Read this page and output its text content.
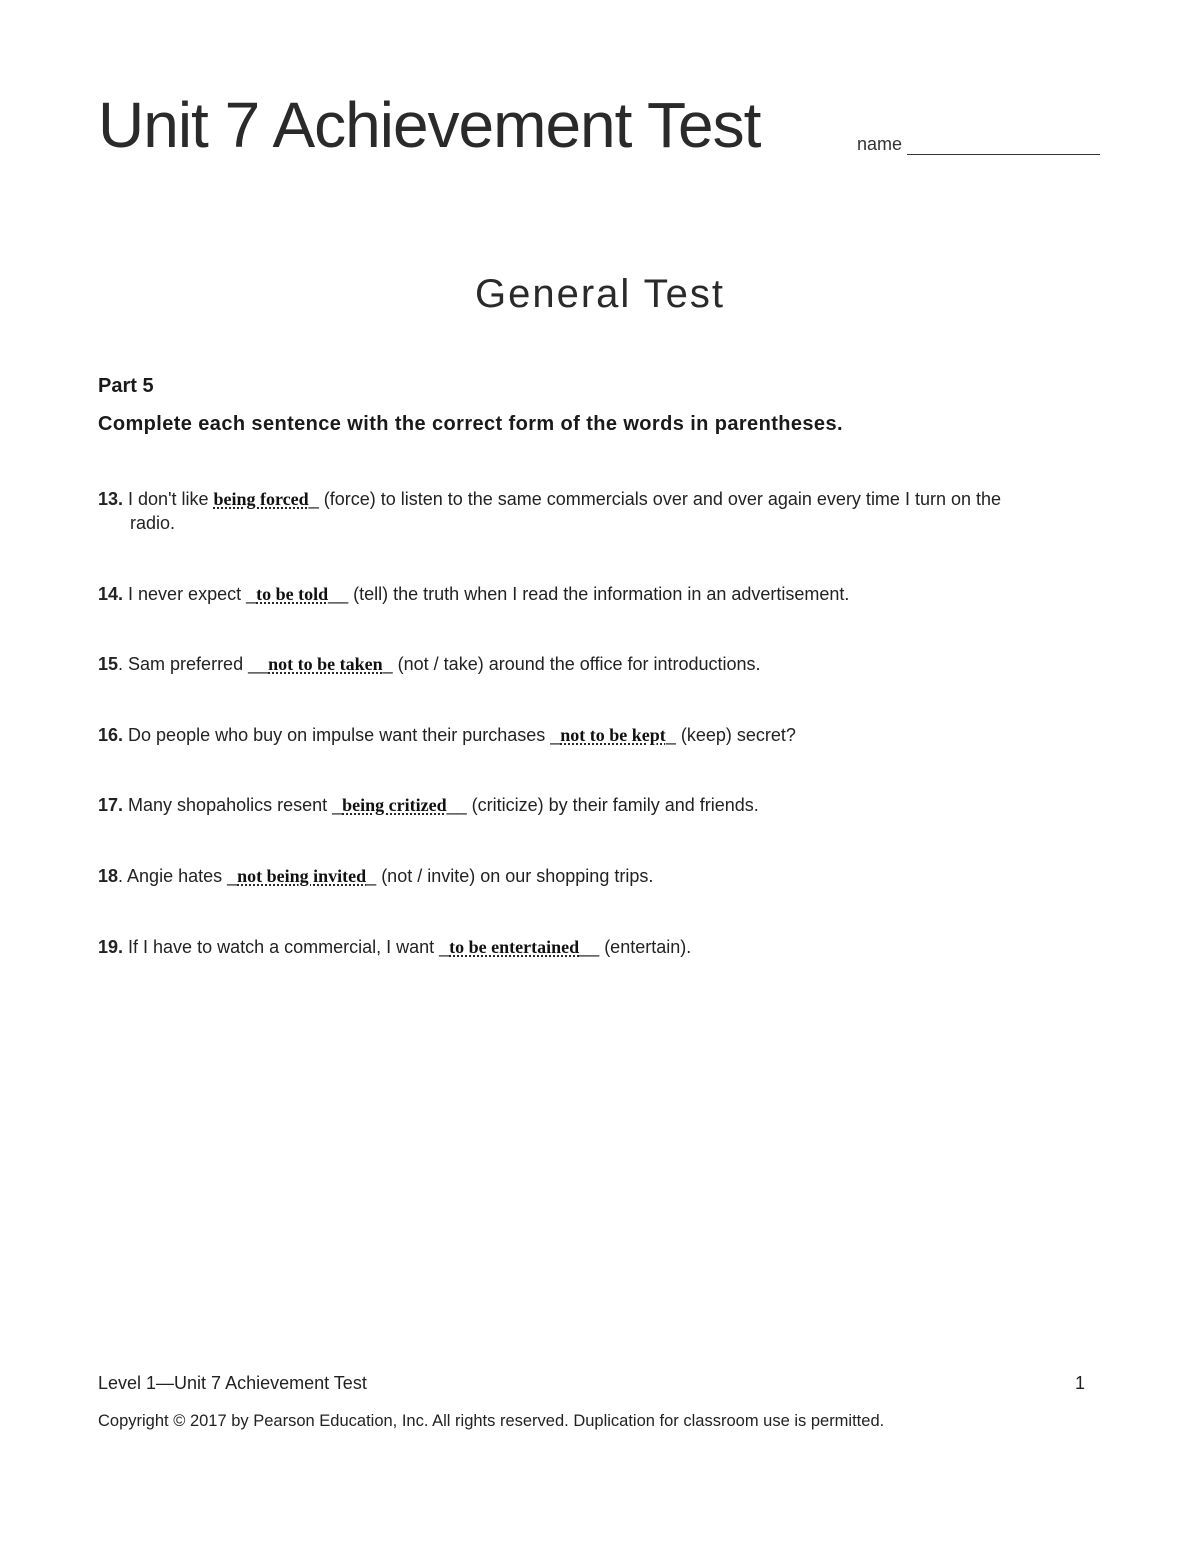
Unit 7 Achievement Test	name
General Test
Part 5
Complete each sentence with the correct form of the words in parentheses.
13. I don't like being forced_ (force) to listen to the same commercials over and over again every time I turn on the
radio.
14. I never expect _to be told__ (tell) the truth when I read the information in an advertisement.
15. Sam preferred __not to be taken_ (not / take) around the office for introductions.
16. Do people who buy on impulse want their purchases _not to be kept_ (keep) secret?
17. Many shopaholics resent _being critized__ (criticize) by their family and friends.
18. Angie hates _not being invited_ (not / invite) on our shopping trips.
19. If I have to watch a commercial, I want _to be entertained__ (entertain).
Level 1—Unit 7 Achievement Test	1
Copyright © 2017 by Pearson Education, Inc. All rights reserved. Duplication for classroom use is permitted.
